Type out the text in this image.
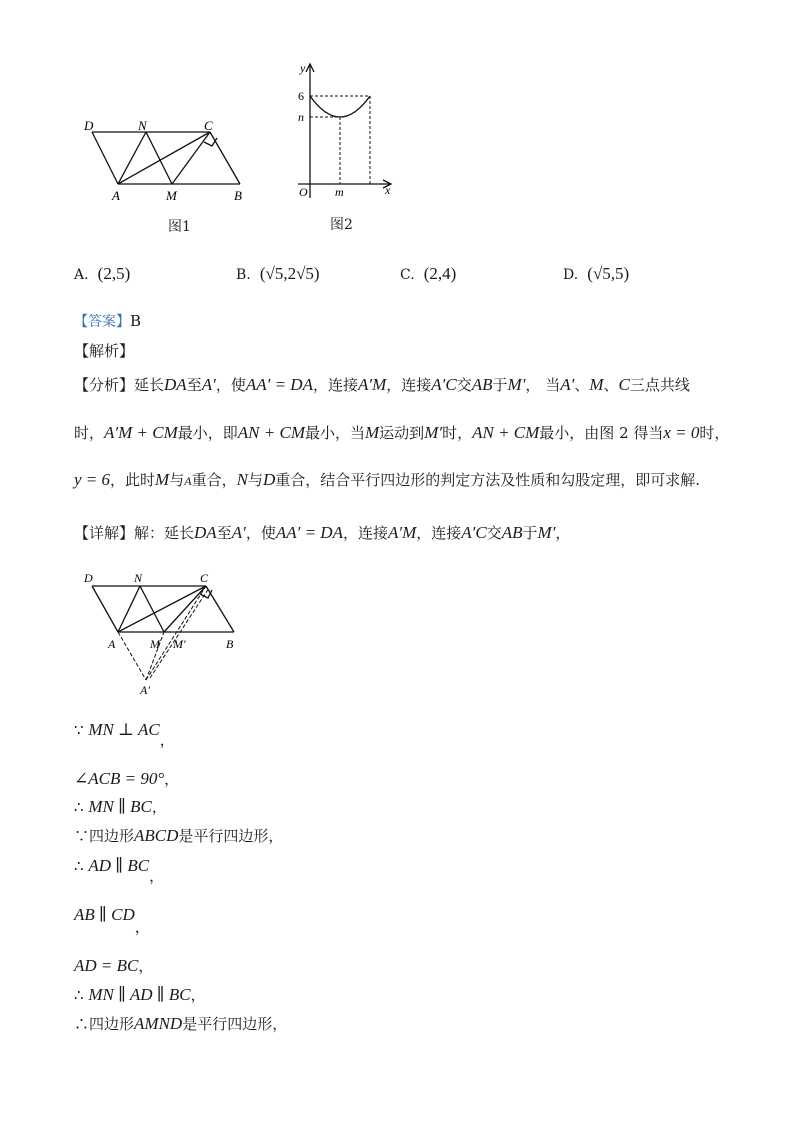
D	N	C
A	M	B
图1
y
x
O
6
n
m
图2
A. (2,5)	B. (√5,2√5)	C. (2,4)	D. (√5,5)
【答案】B
【解析】
【分析】延长DA至A′，使AA′ = DA，连接A′M，连接A′C交AB于M′， 当A′、M、C三点共线
时，A′M + CM最小，即AN + CM最小，当M运动到M′时，AN + CM最小，由图 2 得当x = 0时，
y = 6，此时M与A重合，N与D重合，结合平行四边形的判定方法及性质和勾股定理，即可求解.
【详解】解：延长DA至A′，使AA′ = DA，连接A′M，连接A′C交AB于M′，
D	N	C
A	M M′	B
A′
∵ MN ⊥ AC，
∠ACB = 90°，
∴ MN ∥ BC，
∵四边形ABCD是平行四边形，
∴ AD ∥ BC，
AB ∥ CD，
AD = BC，
∴ MN ∥ AD ∥ BC，
∴四边形AMND是平行四边形，
